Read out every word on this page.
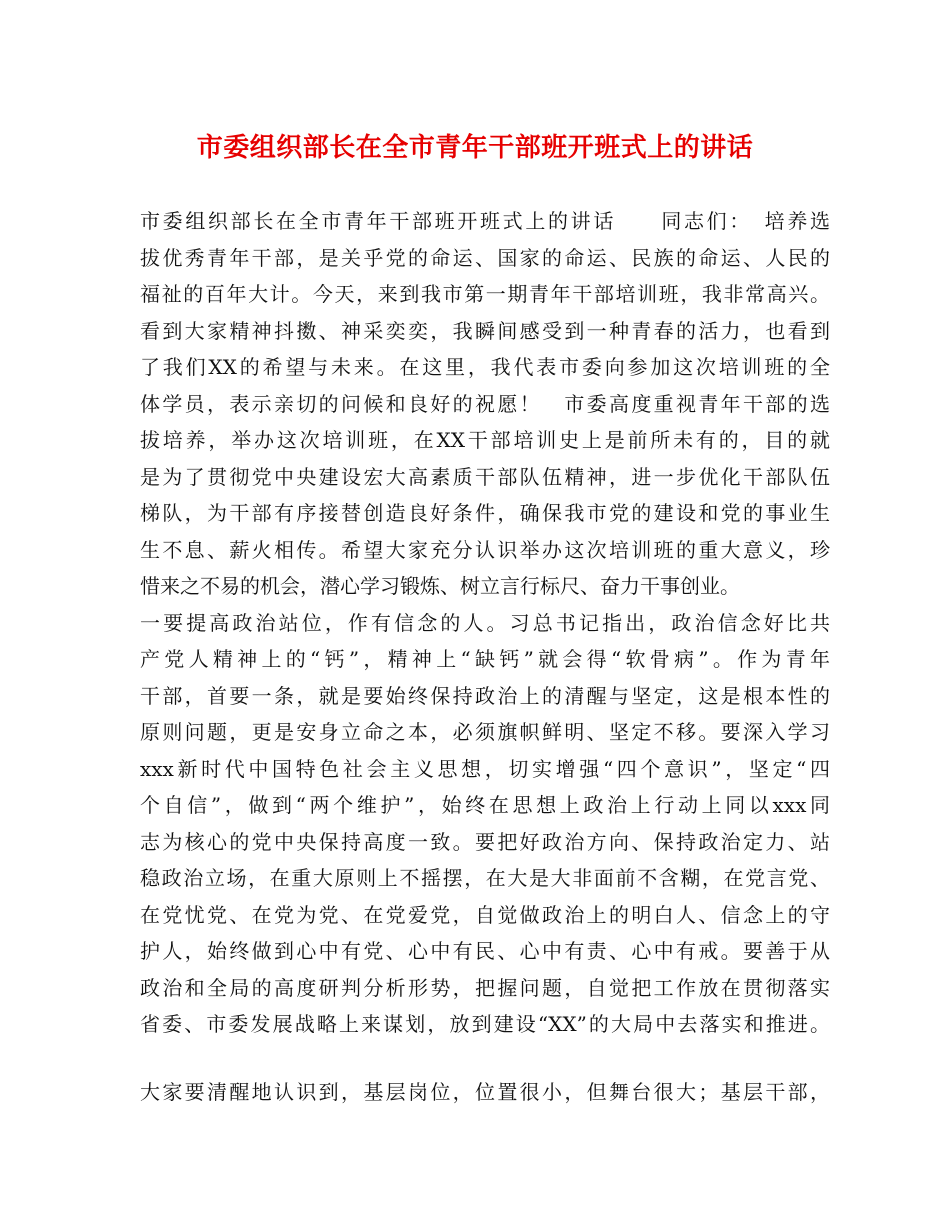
市委组织部长在全市青年干部班开班式上的讲话
市委组织部长在全市青年干部班开班式上的讲话　　同志们：　培养选
拔优秀青年干部，是关乎党的命运、国家的命运、民族的命运、人民的
福祉的百年大计。今天，来到我市第一期青年干部培训班，我非常高兴。
看到大家精神抖擞、神采奕奕，我瞬间感受到一种青春的活力，也看到
了我们XX的希望与未来。在这里，我代表市委向参加这次培训班的全
体学员，表示亲切的问候和良好的祝愿！　市委高度重视青年干部的选
拔培养，举办这次培训班，在XX干部培训史上是前所未有的，目的就
是为了贯彻党中央建设宏大高素质干部队伍精神，进一步优化干部队伍
梯队，为干部有序接替创造良好条件，确保我市党的建设和党的事业生
生不息、薪火相传。希望大家充分认识举办这次培训班的重大意义，珍
惜来之不易的机会，潜心学习锻炼、树立言行标尺、奋力干事创业。
一要提高政治站位，作有信念的人。习总书记指出，政治信念好比共
产党人精神上的“钙”，精神上“缺钙”就会得“软骨病”。作为青年
干部，首要一条，就是要始终保持政治上的清醒与坚定，这是根本性的
原则问题，更是安身立命之本，必须旗帜鲜明、坚定不移。要深入学习
xxx新时代中国特色社会主义思想，切实增强“四个意识”，坚定“四
个自信”，做到“两个维护”，始终在思想上政治上行动上同以xxx同
志为核心的党中央保持高度一致。要把好政治方向、保持政治定力、站
稳政治立场，在重大原则上不摇摆，在大是大非面前不含糊，在党言党、
在党忧党、在党为党、在党爱党，自觉做政治上的明白人、信念上的守
护人，始终做到心中有党、心中有民、心中有责、心中有戒。要善于从
政治和全局的高度研判分析形势，把握问题，自觉把工作放在贯彻落实
省委、市委发展战略上来谋划，放到建设“XX”的大局中去落实和推进。
大家要清醒地认识到，基层岗位，位置很小，但舞台很大；基层干部，
